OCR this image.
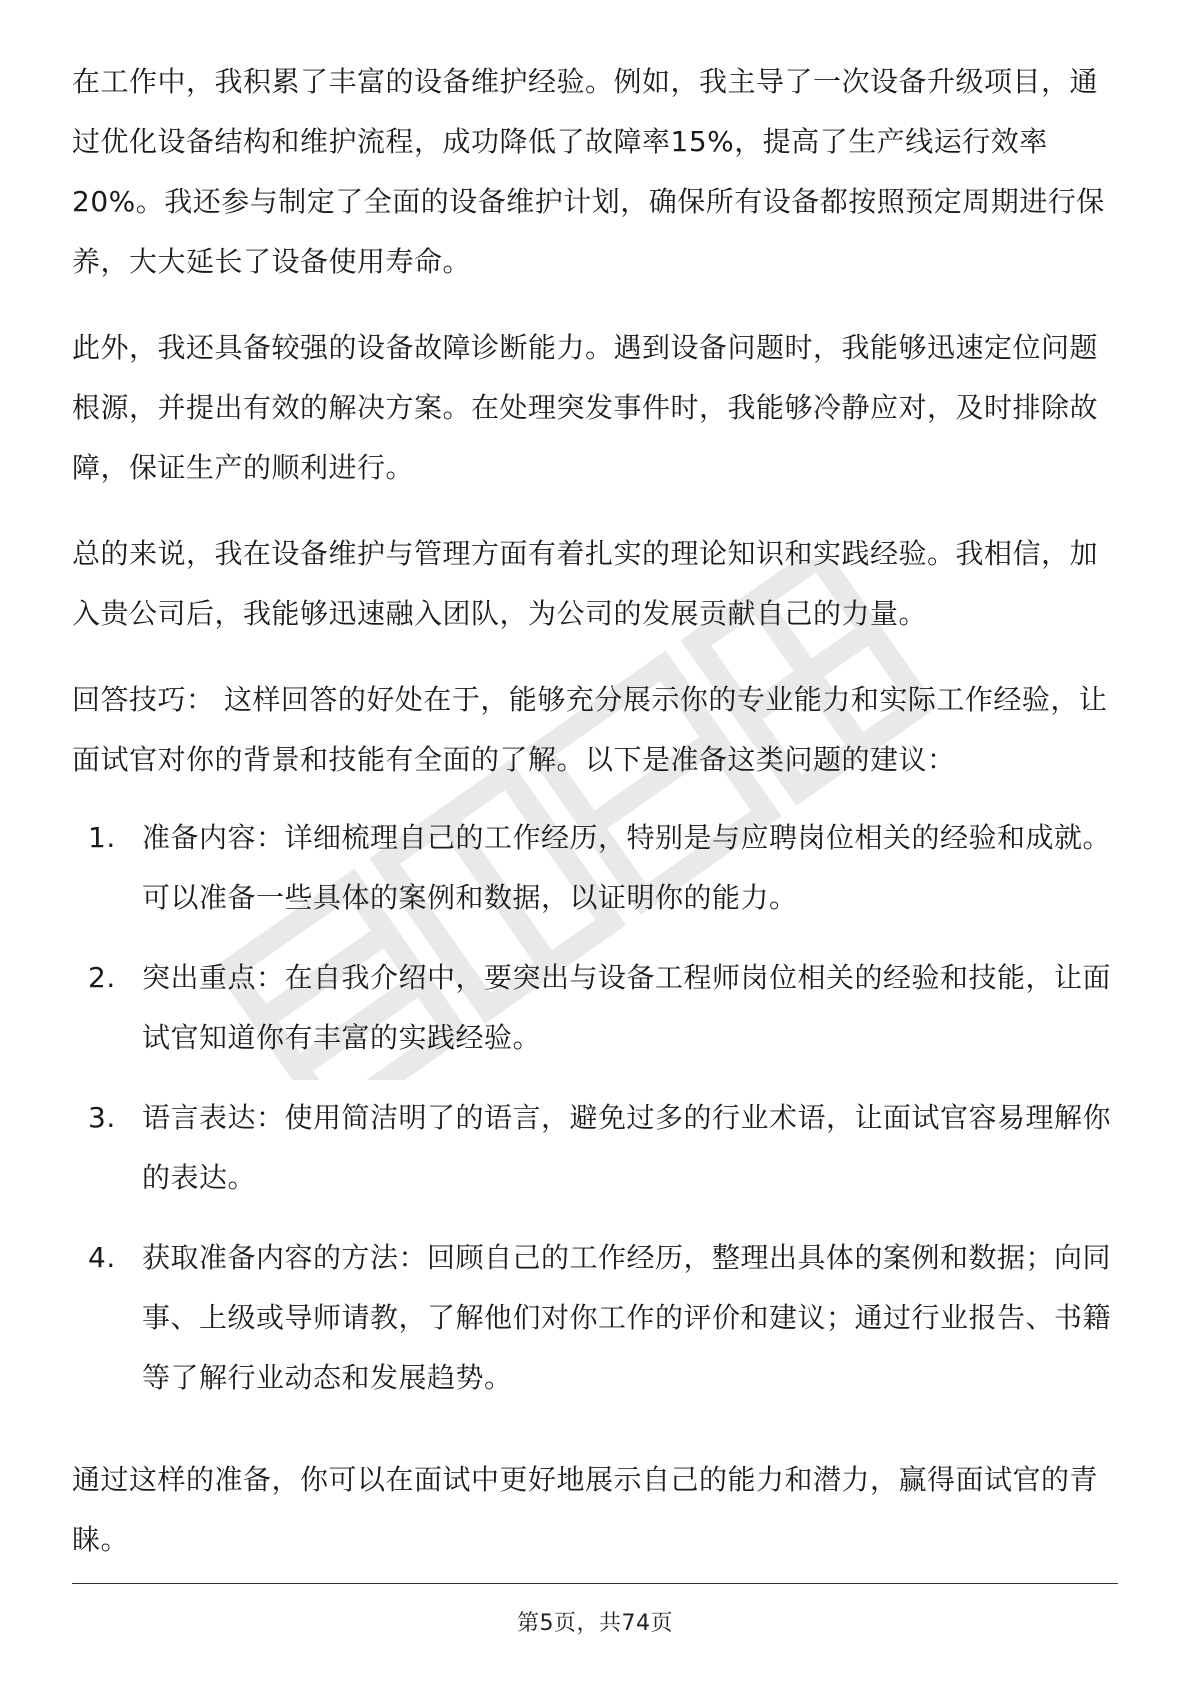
在工作中，我积累了丰富的设备维护经验。例如，我主导了一次设备升级项目，通过优化设备结构和维护流程，成功降低了故障率15%，提高了生产线运行效率20%。我还参与制定了全面的设备维护计划，确保所有设备都按照预定周期进行保养，大大延长了设备使用寿命。

此外，我还具备较强的设备故障诊断能力。遇到设备问题时，我能够迅速定位问题根源，并提出有效的解决方案。在处理突发事件时，我能够冷静应对，及时排除故障，保证生产的顺利进行。

总的来说，我在设备维护与管理方面有着扎实的理论知识和实践经验。我相信，加入贵公司后，我能够迅速融入团队，为公司的发展贡献自己的力量。

回答技巧： 这样回答的好处在于，能够充分展示你的专业能力和实际工作经验，让面试官对你的背景和技能有全面的了解。以下是准备这类问题的建议：

1. 准备内容：详细梳理自己的工作经历，特别是与应聘岗位相关的经验和成就。可以准备一些具体的案例和数据，以证明你的能力。
2. 突出重点：在自我介绍中，要突出与设备工程师岗位相关的经验和技能，让面试官知道你有丰富的实践经验。
3. 语言表达：使用简洁明了的语言，避免过多的行业术语，让面试官容易理解你的表达。
4. 获取准备内容的方法：回顾自己的工作经历，整理出具体的案例和数据；向同事、上级或导师请教，了解他们对你工作的评价和建议；通过行业报告、书籍等了解行业动态和发展趋势。

通过这样的准备，你可以在面试中更好地展示自己的能力和潜力，赢得面试官的青睐。

第5页，共74页
